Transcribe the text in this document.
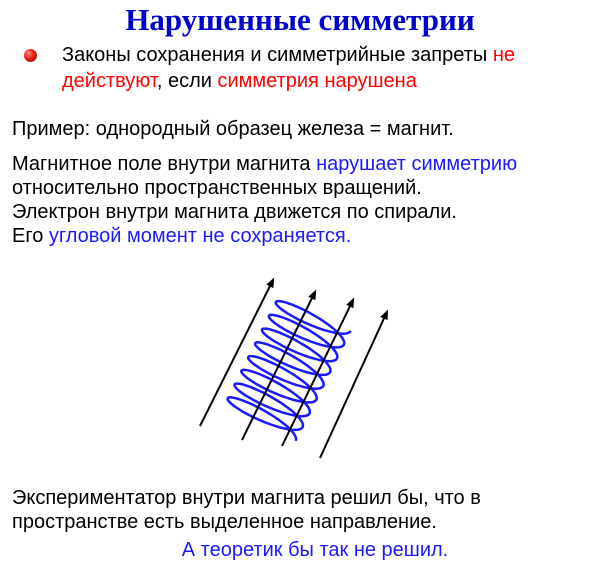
Нарушенные симметрии
Законы сохранения и симметрийные запреты не действуют, если симметрия нарушена
Пример: однородный образец железа = магнит.
Магнитное поле внутри магнита нарушает симметрию
относительно пространственных вращений.
Электрон внутри магнита движется по спирали.
Его угловой момент не сохраняется.
Экспериментатор внутри магнита решил бы, что в
пространстве есть выделенное направление.
А теоретик бы так не решил.
